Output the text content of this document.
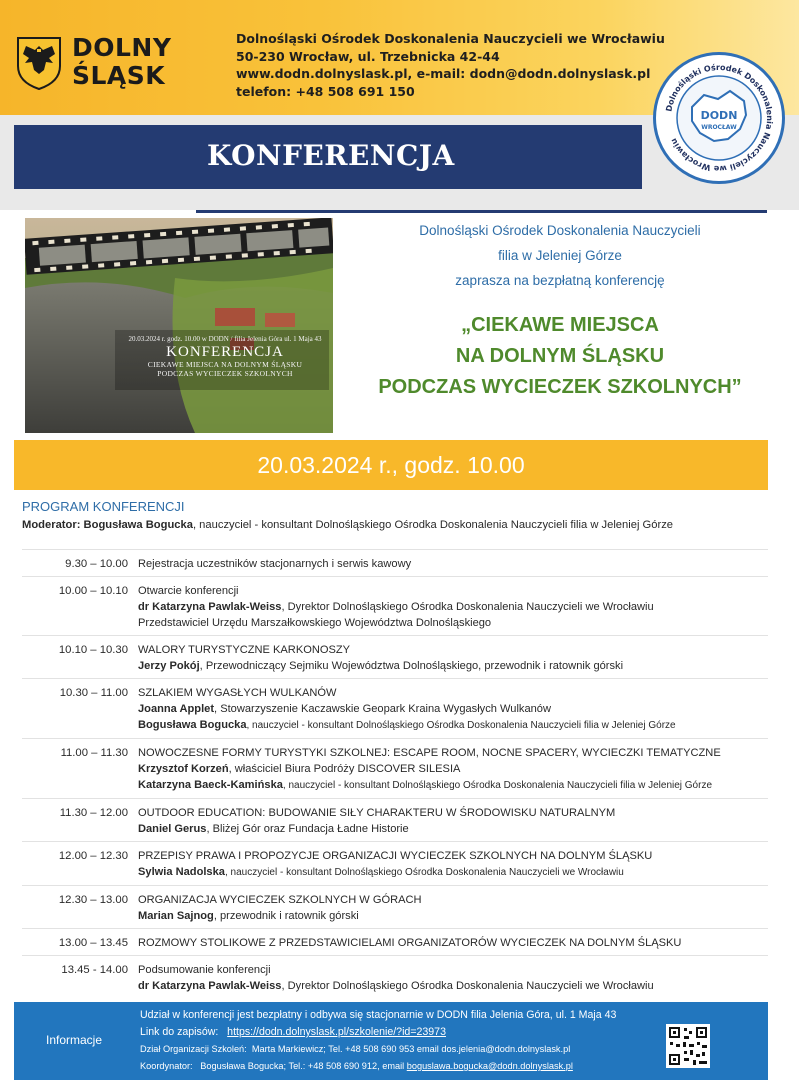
DOLNY
ŚLĄSK
Dolnośląski Ośrodek Doskonalenia Nauczycieli we Wrocławiu
50-230 Wrocław, ul. Trzebnicka 42-44
www.dodn.dolnyslask.pl, e-mail: dodn@dodn.dolnyslask.pl
telefon: +48 508 691 150
KONFERENCJA
Dolnośląski Ośrodek Doskonalenia Nauczycieli we Wrocławiu
DODN
WROCŁAW
20.03.2024 r. godz. 10.00 w DODN / filia Jelenia Góra ul. 1 Maja 43
KONFERENCJA
CIEKAWE MIEJSCA NA DOLNYM ŚLĄSKU
PODCZAS WYCIECZEK SZKOLNYCH
Dolnośląski Ośrodek Doskonalenia Nauczycieli
filia w Jeleniej Górze
zaprasza na bezpłatną konferencję
„CIEKAWE MIEJSCA
NA DOLNYM ŚLĄSKU
PODCZAS WYCIECZEK SZKOLNYCH”
20.03.2024 r., godz. 10.00
PROGRAM KONFERENCJI
Moderator: Bogusława Bogucka, nauczyciel - konsultant Dolnośląskiego Ośrodka Doskonalenia Nauczycieli filia w Jeleniej Górze
9.30 – 10.00 Rejestracja uczestników stacjonarnych i serwis kawowy
10.00 – 10.10 Otwarcie konferencji
dr Katarzyna Pawlak-Weiss, Dyrektor Dolnośląskiego Ośrodka Doskonalenia Nauczycieli we Wrocławiu
Przedstawiciel Urzędu Marszałkowskiego Województwa Dolnośląskiego
10.10 – 10.30 WALORY TURYSTYCZNE KARKONOSZY
Jerzy Pokój, Przewodniczący Sejmiku Województwa Dolnośląskiego, przewodnik i ratownik górski
10.30 – 11.00 SZLAKIEM WYGASŁYCH WULKANÓW
Joanna Applet, Stowarzyszenie Kaczawskie Geopark Kraina Wygasłych Wulkanów
Bogusława Bogucka, nauczyciel - konsultant Dolnośląskiego Ośrodka Doskonalenia Nauczycieli filia w Jeleniej Górze
11.00 – 11.30 NOWOCZESNE FORMY TURYSTYKI SZKOLNEJ: ESCAPE ROOM, NOCNE SPACERY, WYCIECZKI TEMATYCZNE
Krzysztof Korzeń, właściciel Biura Podróży DISCOVER SILESIA
Katarzyna Baeck-Kamińska, nauczyciel - konsultant Dolnośląskiego Ośrodka Doskonalenia Nauczycieli filia w Jeleniej Górze
11.30 – 12.00 OUTDOOR EDUCATION: BUDOWANIE SIŁY CHARAKTERU W ŚRODOWISKU NATURALNYM
Daniel Gerus, Bliżej Gór oraz Fundacja Ładne Historie
12.00 – 12.30 PRZEPISY PRAWA I PROPOZYCJE ORGANIZACJI WYCIECZEK SZKOLNYCH NA DOLNYM ŚLĄSKU
Sylwia Nadolska, nauczyciel - konsultant Dolnośląskiego Ośrodka Doskonalenia Nauczycieli we Wrocławiu
12.30 – 13.00 ORGANIZACJA WYCIECZEK SZKOLNYCH W GÓRACH
Marian Sajnog, przewodnik i ratownik górski
13.00 – 13.45 ROZMOWY STOLIKOWE Z PRZEDSTAWICIELAMI ORGANIZATORÓW WYCIECZEK NA DOLNYM ŚLĄSKU
13.45 - 14.00 Podsumowanie konferencji
dr Katarzyna Pawlak-Weiss, Dyrektor Dolnośląskiego Ośrodka Doskonalenia Nauczycieli we Wrocławiu
Informacje
Udział w konferencji jest bezpłatny i odbywa się stacjonarnie w DODN filia Jelenia Góra, ul. 1 Maja 43
Link do zapisów: https://dodn.dolnyslask.pl/szkolenie/?id=23973
Dział Organizacji Szkoleń: Marta Markiewicz; Tel. +48 508 690 953 email dos.jelenia@dodn.dolnyslask.pl
Koordynator: Bogusława Bogucka; Tel.: +48 508 690 912, email boguslawa.bogucka@dodn.dolnyslask.pl
